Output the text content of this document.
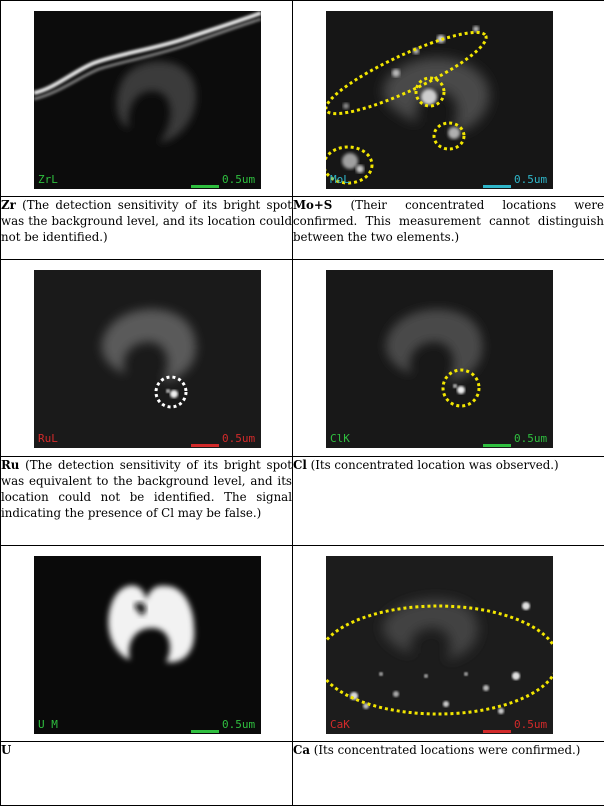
ZrL 0.5um	MoL 0.5um

Zr (The detection sensitivity of its bright spot was the background level, and its location could not be identified.)	Mo+S (Their concentrated locations were confirmed. This measurement cannot distinguish between the two elements.)

RuL 0.5um	ClK 0.5um

Ru (The detection sensitivity of its bright spot was equivalent to the background level, and its location could not be identified. The signal indicating the presence of Cl may be false.)	Cl (Its concentrated location was observed.)

U M 0.5um	CaK 0.5um

U	Ca (Its concentrated locations were confirmed.)
